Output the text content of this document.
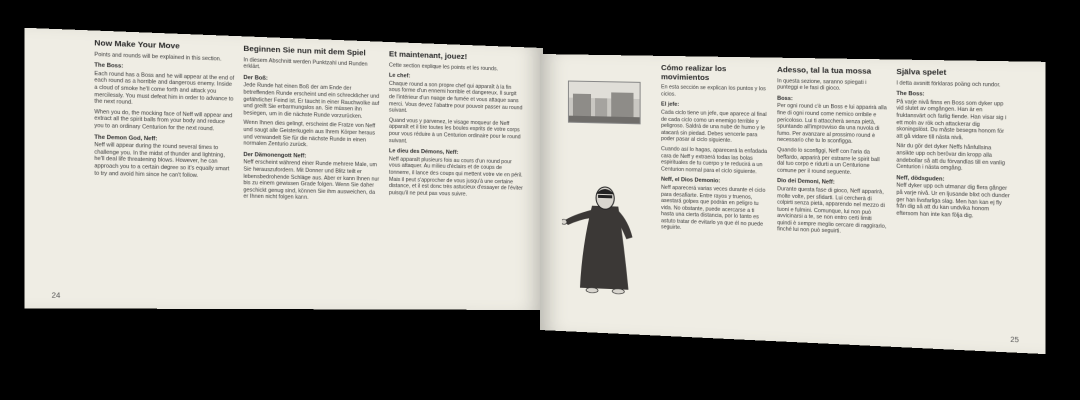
Now Make Your Move

Points and rounds will be explained in this section.

The Boss:

Each round has a Boss and he will appear at the end of each round as a horrible and dangerous enemy. Inside a cloud of smoke he'll come forth and attack you mercilessly. You must defeat him in order to advance to the next round.

When you do, the mocking face of Neff will appear and extract all the spirit balls from your body and reduce you to an ordinary Centurion for the next round.

The Demon God, Neff:

Neff will appear during the round several times to challenge you. In the midst of thunder and lightning, he'll deal life threatening blows. However, he can approach you to a certain degree so it's equally smart to try and avoid him since he can't follow.

Beginnen Sie nun mit dem Spiel

In diesem Abschnitt werden Punktzahl und Runden erklärt.

Der Boß:

Jede Runde hat einen Boß der am Ende der betreffenden Runde erscheint und ein schrecklicher und gefährlicher Feind ist. Er taucht in einer Rauchwolke auf und greift Sie erbarmungslos an. Sie müssen ihn besiegen, um in die nächste Runde vorzurücken.

Wenn Ihnen dies gelingt, erscheint die Fratze von Neff und saugt alle Geisterkugeln aus Ihrem Körper heraus und verwandelt Sie für die nächste Runde in einen normalen Zenturio zurück.

Der Dämonengott Neff:

Neff erscheint während einer Runde mehrere Male, um Sie herauszufordern. Mit Donner und Blitz teilt er lebensbedrohende Schläge aus. Aber er kann Ihnen nur bis zu einem gewissen Grade folgen. Wenn Sie daher geschickt genug sind, können Sie ihm ausweichen, da er Ihnen nicht folgen kann.

Et maintenant, jouez!

Cette section explique les points et les rounds.

Le chef:

Chaque round a son propre chef qui apparaît à la fin sous forme d'un ennemi horrible et dangereux. Il surgit de l'intérieur d'un nuage de fumée et vous attaque sans merci. Vous devez l'abattre pour pouvoir passer au round suivant.

Quand vous y parvenez, le visage moqueur de Neff apparaît et il tire toutes les boules esprits de votre corps pour vous réduire à un Centurion ordinaire pour le round suivant.

Le dieu des Démons, Neff:

Neff apparaît plusieurs fois au cours d'un round pour vous attaquer. Au milieu d'éclairs et de coups de tonnerre, il lance des coups qui mettent votre vie en péril. Mais il peut s'approcher de vous jusqu'à une certaine distance, et il est donc très astucieux d'essayer de l'éviter puisqu'il ne peut pas vous suivre.

24
Cómo realizar los movimientos

En esta sección se explican los puntos y los ciclos.

El jefe:

Cada ciclo tiene un jefe, que aparece al final de cada ciclo como un enemigo terrible y peligroso. Saldrá de una nube de humo y le atacará sin piedad. Debes vencerle para poder pasar al ciclo siguiente.

Cuando así lo hagas, aparecerá la enfadada cara de Neff y extraerá todas las bolas espirituales de tu cuerpo y te reducirá a un Centurion normal para el ciclo siguiente.

Neff, el Dios Demonio:

Neff aparecerá varias veces durante el ciclo para desafiarte. Entre rayos y truenos, asestará golpes que podrán en peligro tu vida. No obstante, puede acercarse a ti hasta una cierta distancia, por lo tanto es astuto tratar de evitarlo ya que él no puede seguirte.

Adesso, tal la tua mossa

In questa sezione, saranno spiegati i punteggi e le fasi di gioco.

Boss:

Per ogni round c'è un Boss e lui apparirà alla fine di ogni round come nemico orribile e pericoloso. Lui ti attaccherà senza pietà, spuntando all'improvviso da una nuvola di fumo. Per avanzare al prossimo round è necessario che tu lo sconfigga.

Quando lo sconfiggi, Neff con l'aria da beffardo, apparirà per estrarre le spirit ball dal tuo corpo e ridurti a un Centurione comune per il round seguente.

Dio dei Demoni, Neff:

Durante questa fase di gioco, Neff apparirà, molte volte, per sfidarti. Lui cercherà di colpirti senza pietà, apparendo nel mezzo di tuoni e fulmini. Comunque, lui non può avvicinarsi a te, se non entro certi limiti quindi è sempre meglio cercare di raggirarlo, finché lui non può seguirti.

Själva spelet

I detta avsnitt förklaras poäng och rundor.

The Boss:

På varje nivå finns en Boss som dyker upp vid slutet av omgången. Han är en fruktansvärt och farlig fiende. Han visar sig i ett moln av rök och attackerar dig skoningslöst. Du måste besegra honom för att gå vidare till nästa nivå.

När du gör det dyker Neffs hånfullsina ansikte upp och berövar din kropp alla andebollar så att du förvandlas till en vanlig Centurion i nästa omgång.

Neff, dödsguden:

Neff dyker upp och utmanar dig flera gånger på varje nivå. Ur en ljusande blixt och dunder ger han livsfarliga slag. Men han kan ej fly från dig så att du kan undvika honom eftersom han inte kan följa dig.

25
